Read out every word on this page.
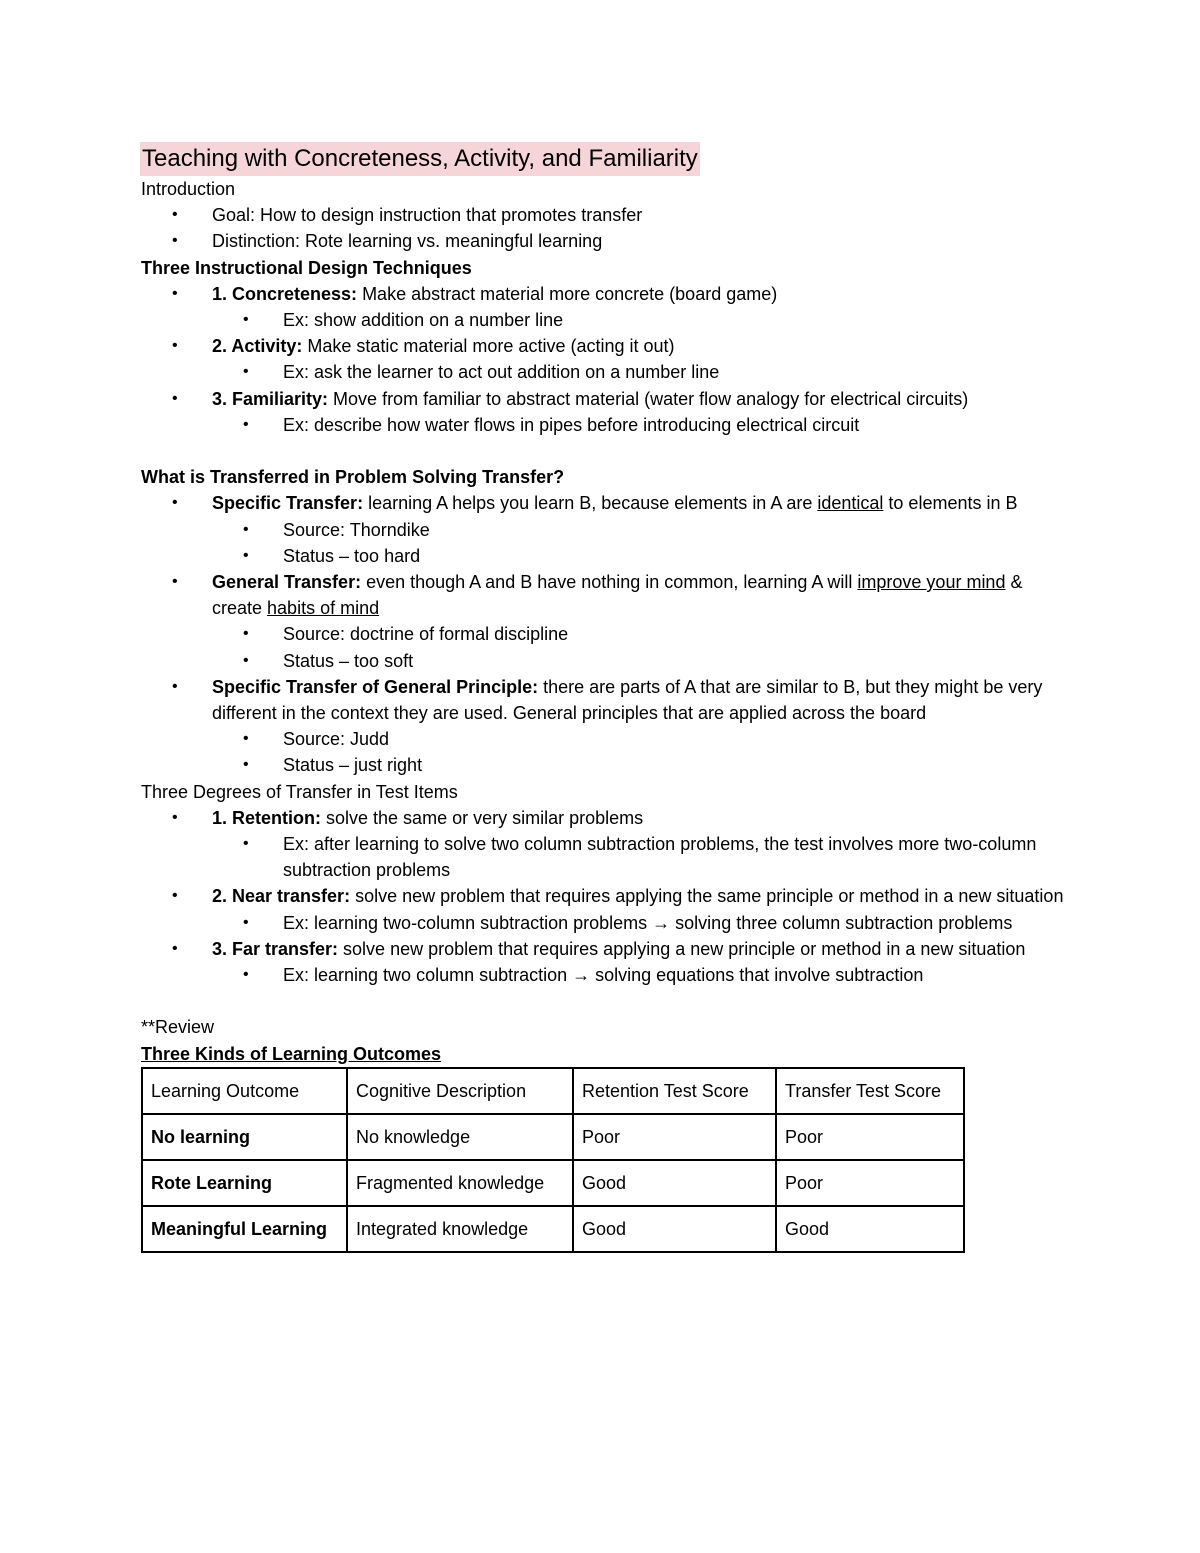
Teaching with Concreteness, Activity, and Familiarity
Introduction
• Goal: How to design instruction that promotes transfer
• Distinction: Rote learning vs. meaningful learning
Three Instructional Design Techniques
• 1. Concreteness: Make abstract material more concrete (board game)
• Ex: show addition on a number line
• 2. Activity: Make static material more active (acting it out)
• Ex: ask the learner to act out addition on a number line
• 3. Familiarity: Move from familiar to abstract material (water flow analogy for electrical circuits)
• Ex: describe how water flows in pipes before introducing electrical circuit
What is Transferred in Problem Solving Transfer?
• Specific Transfer: learning A helps you learn B, because elements in A are identical to elements in B
• Source: Thorndike
• Status – too hard
• General Transfer: even though A and B have nothing in common, learning A will improve your mind & create habits of mind
• Source: doctrine of formal discipline
• Status – too soft
• Specific Transfer of General Principle: there are parts of A that are similar to B, but they might be very different in the context they are used. General principles that are applied across the board
• Source: Judd
• Status – just right
Three Degrees of Transfer in Test Items
• 1. Retention: solve the same or very similar problems
• Ex: after learning to solve two column subtraction problems, the test involves more two-column subtraction problems
• 2. Near transfer: solve new problem that requires applying the same principle or method in a new situation
• Ex: learning two-column subtraction problems → solving three column subtraction problems
• 3. Far transfer: solve new problem that requires applying a new principle or method in a new situation
• Ex: learning two column subtraction → solving equations that involve subtraction
**Review
Three Kinds of Learning Outcomes
Learning Outcome	Cognitive Description	Retention Test Score	Transfer Test Score
No learning	No knowledge	Poor	Poor
Rote Learning	Fragmented knowledge	Good	Poor
Meaningful Learning	Integrated knowledge	Good	Good
